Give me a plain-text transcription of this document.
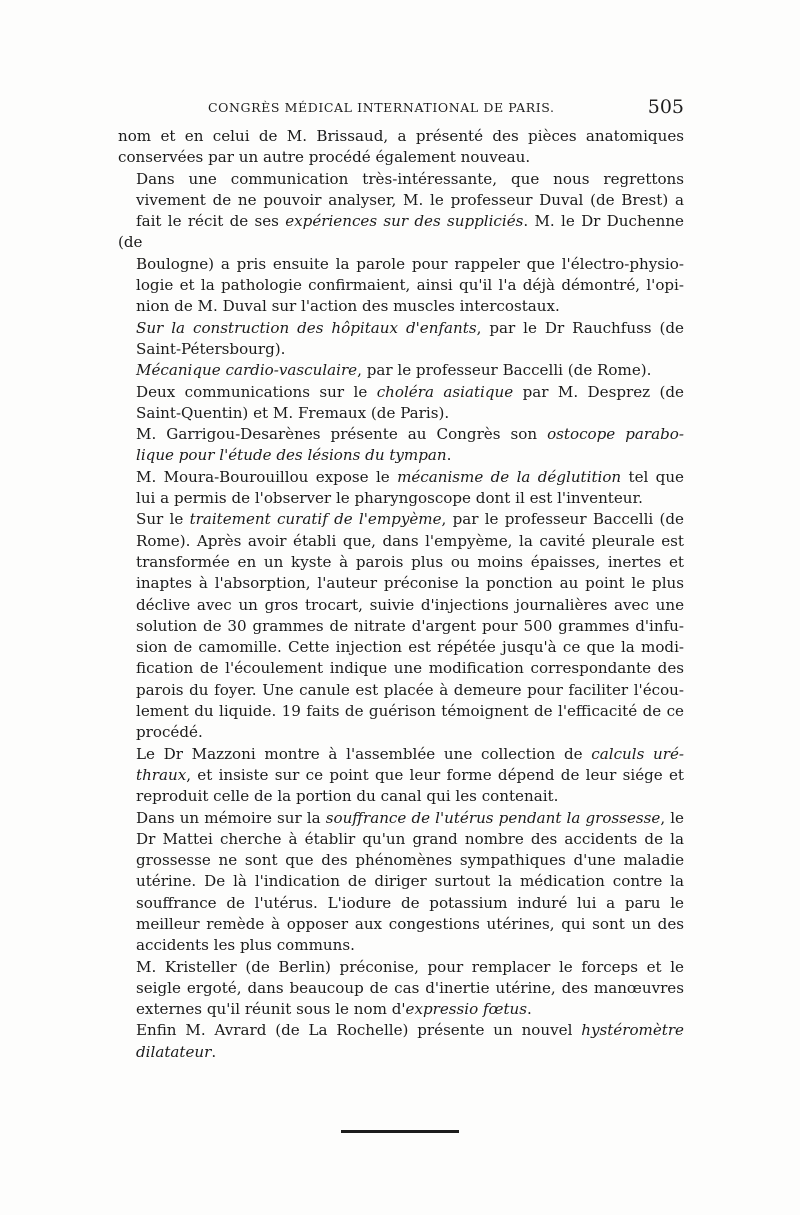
CONGRÈS MÉDICAL INTERNATIONAL DE PARIS.	505

nom et en celui de M. Brissaud, a présenté des pièces anatomiques
conservées par un autre procédé également nouveau.

Dans une communication très-intéressante, que nous regrettons
vivement de ne pouvoir analyser, M. le professeur Duval (de Brest) a
fait le récit de ses expériences sur des suppliciés. M. le Dr Duchenne (de
Boulogne) a pris ensuite la parole pour rappeler que l'électro-physio-
logie et la pathologie confirmaient, ainsi qu'il l'a déjà démontré, l'opi-
nion de M. Duval sur l'action des muscles intercostaux.

Sur la construction des hôpitaux d'enfants, par le Dr Rauchfuss (de
Saint-Pétersbourg).

Mécanique cardio-vasculaire, par le professeur Baccelli (de Rome).

Deux communications sur le choléra asiatique par M. Desprez (de
Saint-Quentin) et M. Fremaux (de Paris).

M. Garrigou-Desarènes présente au Congrès son ostocope parabo-
lique pour l'étude des lésions du tympan.

M. Moura-Bourouillou expose le mécanisme de la déglutition tel que
lui a permis de l'observer le pharyngoscope dont il est l'inventeur.

Sur le traitement curatif de l'empyème, par le professeur Baccelli (de
Rome). Après avoir établi que, dans l'empyème, la cavité pleurale est
transformée en un kyste à parois plus ou moins épaisses, inertes et
inaptes à l'absorption, l'auteur préconise la ponction au point le plus
déclive avec un gros trocart, suivie d'injections journalières avec une
solution de 30 grammes de nitrate d'argent pour 500 grammes d'infu-
sion de camomille. Cette injection est répétée jusqu'à ce que la modi-
fication de l'écoulement indique une modification correspondante des
parois du foyer. Une canule est placée à demeure pour faciliter l'écou-
lement du liquide. 19 faits de guérison témoignent de l'efficacité de ce
procédé.

Le Dr Mazzoni montre à l'assemblée une collection de calculs uré-
thraux, et insiste sur ce point que leur forme dépend de leur siége et
reproduit celle de la portion du canal qui les contenait.

Dans un mémoire sur la souffrance de l'utérus pendant la grossesse, le
Dr Mattei cherche à établir qu'un grand nombre des accidents de la
grossesse ne sont que des phénomènes sympathiques d'une maladie
utérine. De là l'indication de diriger surtout la médication contre la
souffrance de l'utérus. L'iodure de potassium induré lui a paru le
meilleur remède à opposer aux congestions utérines, qui sont un des
accidents les plus communs.

M. Kristeller (de Berlin) préconise, pour remplacer le forceps et le
seigle ergoté, dans beaucoup de cas d'inertie utérine, des manœuvres
externes qu'il réunit sous le nom d'expressio fœtus.

Enfin M. Avrard (de La Rochelle) présente un nouvel hystéromètre
dilatateur.
